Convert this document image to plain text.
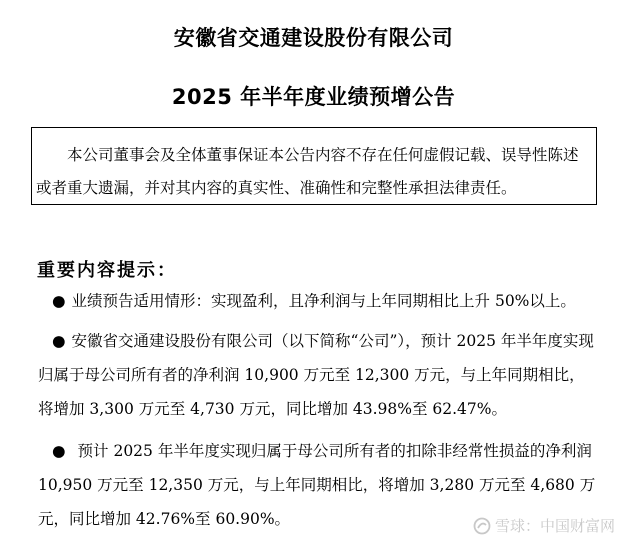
安徽省交通建设股份有限公司
2025 年半年度业绩预增公告

本公司董事会及全体董事保证本公告内容不存在任何虚假记载、误导性陈述或者重大遗漏，并对其内容的真实性、准确性和完整性承担法律责任。

重要内容提示：

● 业绩预告适用情形：实现盈利，且净利润与上年同期相比上升 50%以上。

● 安徽省交通建设股份有限公司（以下简称“公司”），预计 2025 年半年度实现归属于母公司所有者的净利润 10,900 万元至 12,300 万元，与上年同期相比，将增加 3,300 万元至 4,730 万元，同比增加 43.98%至 62.47%。

● 预计 2025 年半年度实现归属于母公司所有者的扣除非经常性损益的净利润 10,950 万元至 12,350 万元，与上年同期相比，将增加 3,280 万元至 4,680 万元，同比增加 42.76%至 60.90%。	雪球：中国财富网
